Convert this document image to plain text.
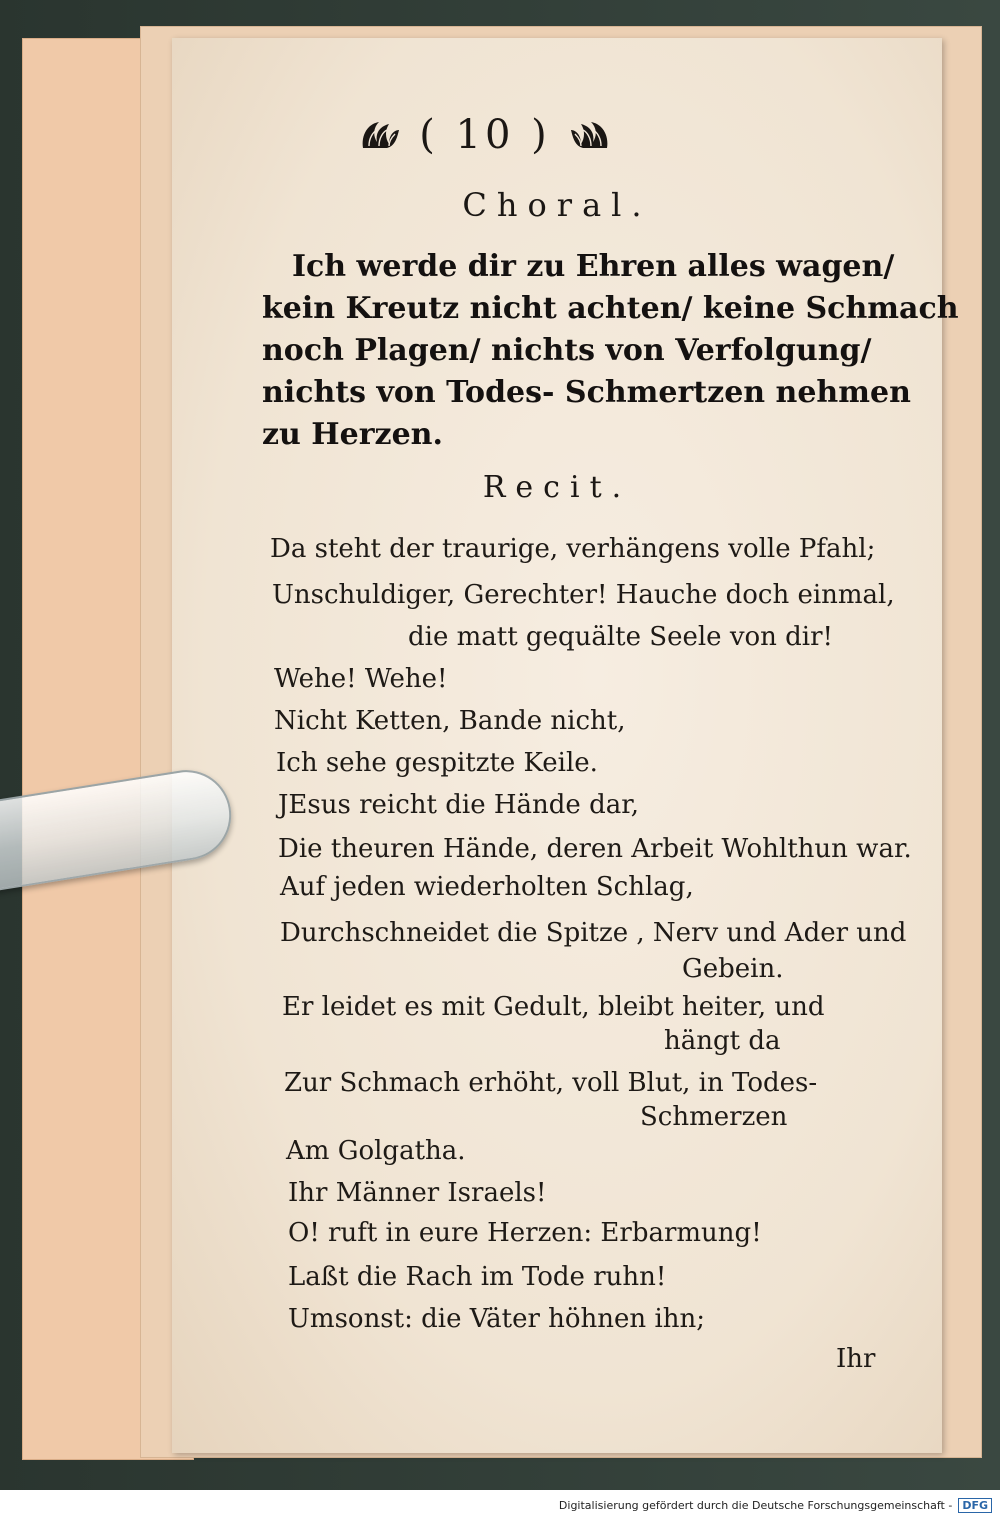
( 10 )
Choral.
Ich werde dir zu Ehren alles wagen/
kein Kreutz nicht achten/ keine Schmach
noch Plagen/ nichts von Verfolgung/
nichts von Todes- Schmertzen nehmen
zu Herzen.
Recit.

Da steht der traurige, verhängens volle Pfahl;

Unschuldiger, Gerechter! Hauche doch einmal,

die matt gequälte Seele von dir!

Wehe! Wehe!

Nicht Ketten, Bande nicht,

Ich sehe gespitzte Keile.

JEsus reicht die Hände dar,

Die theuren Hände, deren Arbeit Wohlthun war.

Auf jeden wiederholten Schlag,

Durchschneidet die Spitze , Nerv und Ader und

Gebein.

Er leidet es mit Gedult, bleibt heiter, und

hängt da

Zur Schmach erhöht, voll Blut, in Todes-

Schmerzen

Am Golgatha.

Ihr Männer Israels!

O! ruft in eure Herzen: Erbarmung!

Laßt die Rach im Tode ruhn!

Umsonst: die Väter höhnen ihn;

Ihr
Digitalisierung gefördert durch die Deutsche Forschungsgemeinschaft - DFG
